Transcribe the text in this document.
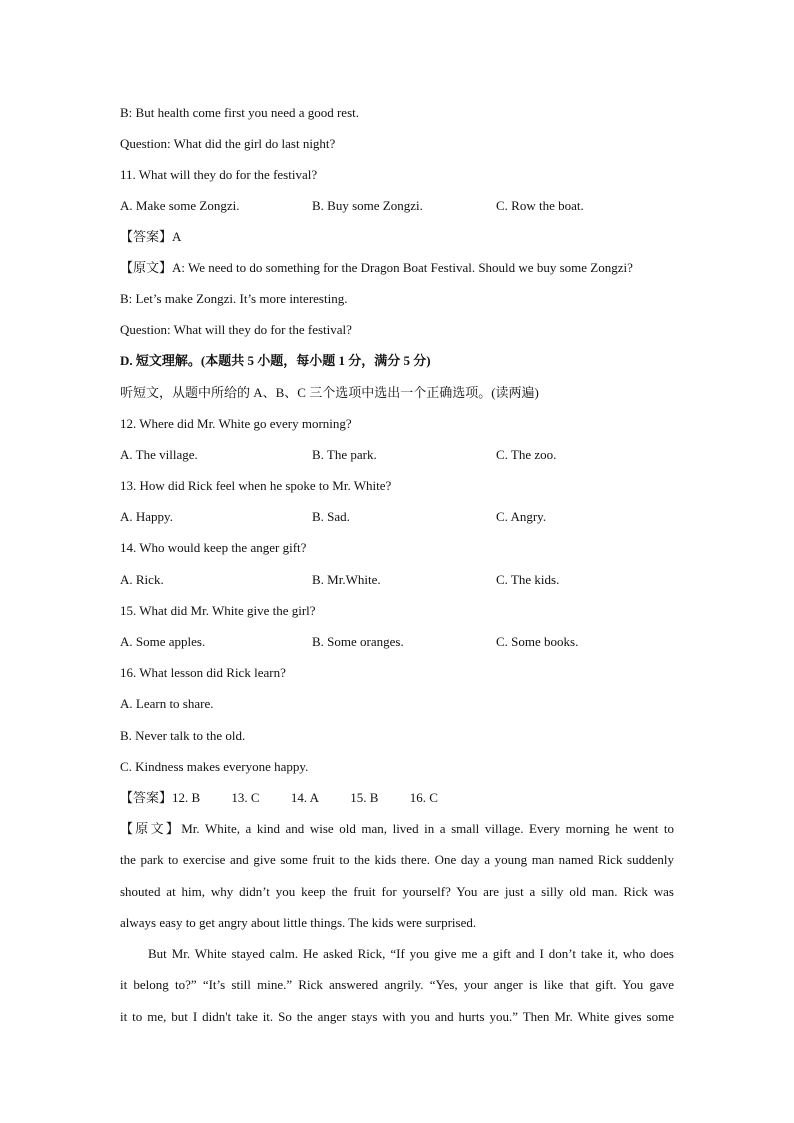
B: But health come first you need a good rest.
Question: What did the girl do last night?
11. What will they do for the festival?
A. Make some Zongzi.	B. Buy some Zongzi.	C. Row the boat.
【答案】A
【原文】A: We need to do something for the Dragon Boat Festival. Should we buy some Zongzi?
B: Let’s make Zongzi. It’s more interesting.
Question: What will they do for the festival?
D. 短文理解。(本题共 5 小题，每小题 1 分，满分 5 分)
听短文，从题中所给的 A、B、C 三个选项中选出一个正确选项。(读两遍)
12. Where did Mr. White go every morning?
A. The village.	B. The park.	C. The zoo.
13. How did Rick feel when he spoke to Mr. White?
A. Happy.	B. Sad.	C. Angry.
14. Who would keep the anger gift?
A. Rick.	B. Mr.White.	C. The kids.
15. What did Mr. White give the girl?
A. Some apples.	B. Some oranges.	C. Some books.
16. What lesson did Rick learn?
A. Learn to share.
B. Never talk to the old.
C. Kindness makes everyone happy.
【答案】12. B 13. C 14. A 15. B 16. C
【原文】Mr. White, a kind and wise old man, lived in a small village. Every morning he went to
the park to exercise and give some fruit to the kids there. One day a young man named Rick suddenly
shouted at him, why didn’t you keep the fruit for yourself? You are just a silly old man. Rick was
always easy to get angry about little things. The kids were surprised.
But Mr. White stayed calm. He asked Rick, “If you give me a gift and I don’t take it, who does
it belong to?” “It’s still mine.” Rick answered angrily. “Yes, your anger is like that gift. You gave
it to me, but I didn't take it. So the anger stays with you and hurts you.” Then Mr. White gives some
